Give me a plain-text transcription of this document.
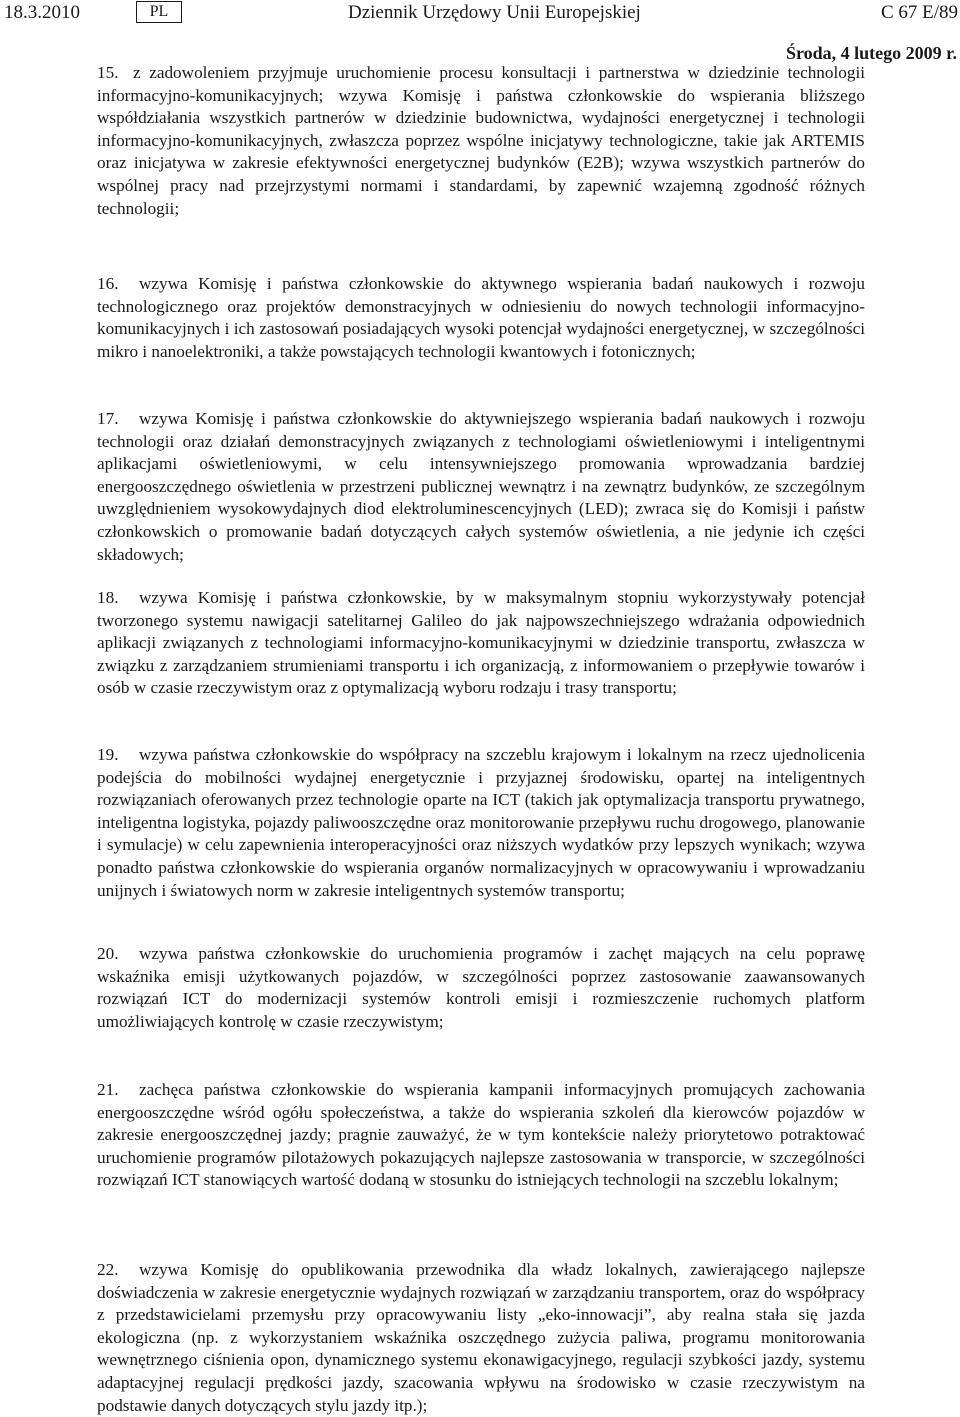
18.3.2010	PL	Dziennik Urzędowy Unii Europejskiej	C 67 E/89
Środa, 4 lutego 2009 r.

15. z zadowoleniem przyjmuje uruchomienie procesu konsultacji i partnerstwa w dziedzinie technologii informacyjno-komunikacyjnych; wzywa Komisję i państwa członkowskie do wspierania bliższego współdziałania wszystkich partnerów w dziedzinie budownictwa, wydajności energetycznej i technologii informacyjno-komunikacyjnych, zwłaszcza poprzez wspólne inicjatywy technologiczne, takie jak ARTEMIS oraz inicjatywa w zakresie efektywności energetycznej budynków (E2B); wzywa wszystkich partnerów do wspólnej pracy nad przejrzystymi normami i standardami, by zapewnić wzajemną zgodność różnych technologii;

16. wzywa Komisję i państwa członkowskie do aktywnego wspierania badań naukowych i rozwoju technologicznego oraz projektów demonstracyjnych w odniesieniu do nowych technologii informacyjno-komunikacyjnych i ich zastosowań posiadających wysoki potencjał wydajności energetycznej, w szczególności mikro i nanoelektroniki, a także powstających technologii kwantowych i fotonicznych;

17. wzywa Komisję i państwa członkowskie do aktywniejszego wspierania badań naukowych i rozwoju technologii oraz działań demonstracyjnych związanych z technologiami oświetleniowymi i inteligentnymi aplikacjami oświetleniowymi, w celu intensywniejszego promowania wprowadzania bardziej energooszczędnego oświetlenia w przestrzeni publicznej wewnątrz i na zewnątrz budynków, ze szczególnym uwzględnieniem wysokowydajnych diod elektroluminescencyjnych (LED); zwraca się do Komisji i państw członkowskich o promowanie badań dotyczących całych systemów oświetlenia, a nie jedynie ich części składowych;

18. wzywa Komisję i państwa członkowskie, by w maksymalnym stopniu wykorzystywały potencjał tworzonego systemu nawigacji satelitarnej Galileo do jak najpowszechniejszego wdrażania odpowiednich aplikacji związanych z technologiami informacyjno-komunikacyjnymi w dziedzinie transportu, zwłaszcza w związku z zarządzaniem strumieniami transportu i ich organizacją, z informowaniem o przepływie towarów i osób w czasie rzeczywistym oraz z optymalizacją wyboru rodzaju i trasy transportu;

19. wzywa państwa członkowskie do współpracy na szczeblu krajowym i lokalnym na rzecz ujednolicenia podejścia do mobilności wydajnej energetycznie i przyjaznej środowisku, opartej na inteligentnych rozwiązaniach oferowanych przez technologie oparte na ICT (takich jak optymalizacja transportu prywatnego, inteligentna logistyka, pojazdy paliwooszczędne oraz monitorowanie przepływu ruchu drogowego, planowanie i symulacje) w celu zapewnienia interoperacyjności oraz niższych wydatków przy lepszych wynikach; wzywa ponadto państwa członkowskie do wspierania organów normalizacyjnych w opracowywaniu i wprowadzaniu unijnych i światowych norm w zakresie inteligentnych systemów transportu;

20. wzywa państwa członkowskie do uruchomienia programów i zachęt mających na celu poprawę wskaźnika emisji użytkowanych pojazdów, w szczególności poprzez zastosowanie zaawansowanych rozwiązań ICT do modernizacji systemów kontroli emisji i rozmieszczenie ruchomych platform umożliwiających kontrolę w czasie rzeczywistym;

21. zachęca państwa członkowskie do wspierania kampanii informacyjnych promujących zachowania energooszczędne wśród ogółu społeczeństwa, a także do wspierania szkoleń dla kierowców pojazdów w zakresie energooszczędnej jazdy; pragnie zauważyć, że w tym kontekście należy priorytetowo potraktować uruchomienie programów pilotażowych pokazujących najlepsze zastosowania w transporcie, w szczególności rozwiązań ICT stanowiących wartość dodaną w stosunku do istniejących technologii na szczeblu lokalnym;

22. wzywa Komisję do opublikowania przewodnika dla władz lokalnych, zawierającego najlepsze doświadczenia w zakresie energetycznie wydajnych rozwiązań w zarządzaniu transportem, oraz do współpracy z przedstawicielami przemysłu przy opracowywaniu listy „eko-innowacji”, aby realna stała się jazda ekologiczna (np. z wykorzystaniem wskaźnika oszczędnego zużycia paliwa, programu monitorowania wewnętrznego ciśnienia opon, dynamicznego systemu ekonawigacyjnego, regulacji szybkości jazdy, systemu adaptacyjnej regulacji prędkości jazdy, szacowania wpływu na środowisko w czasie rzeczywistym na podstawie danych dotyczących stylu jazdy itp.);
